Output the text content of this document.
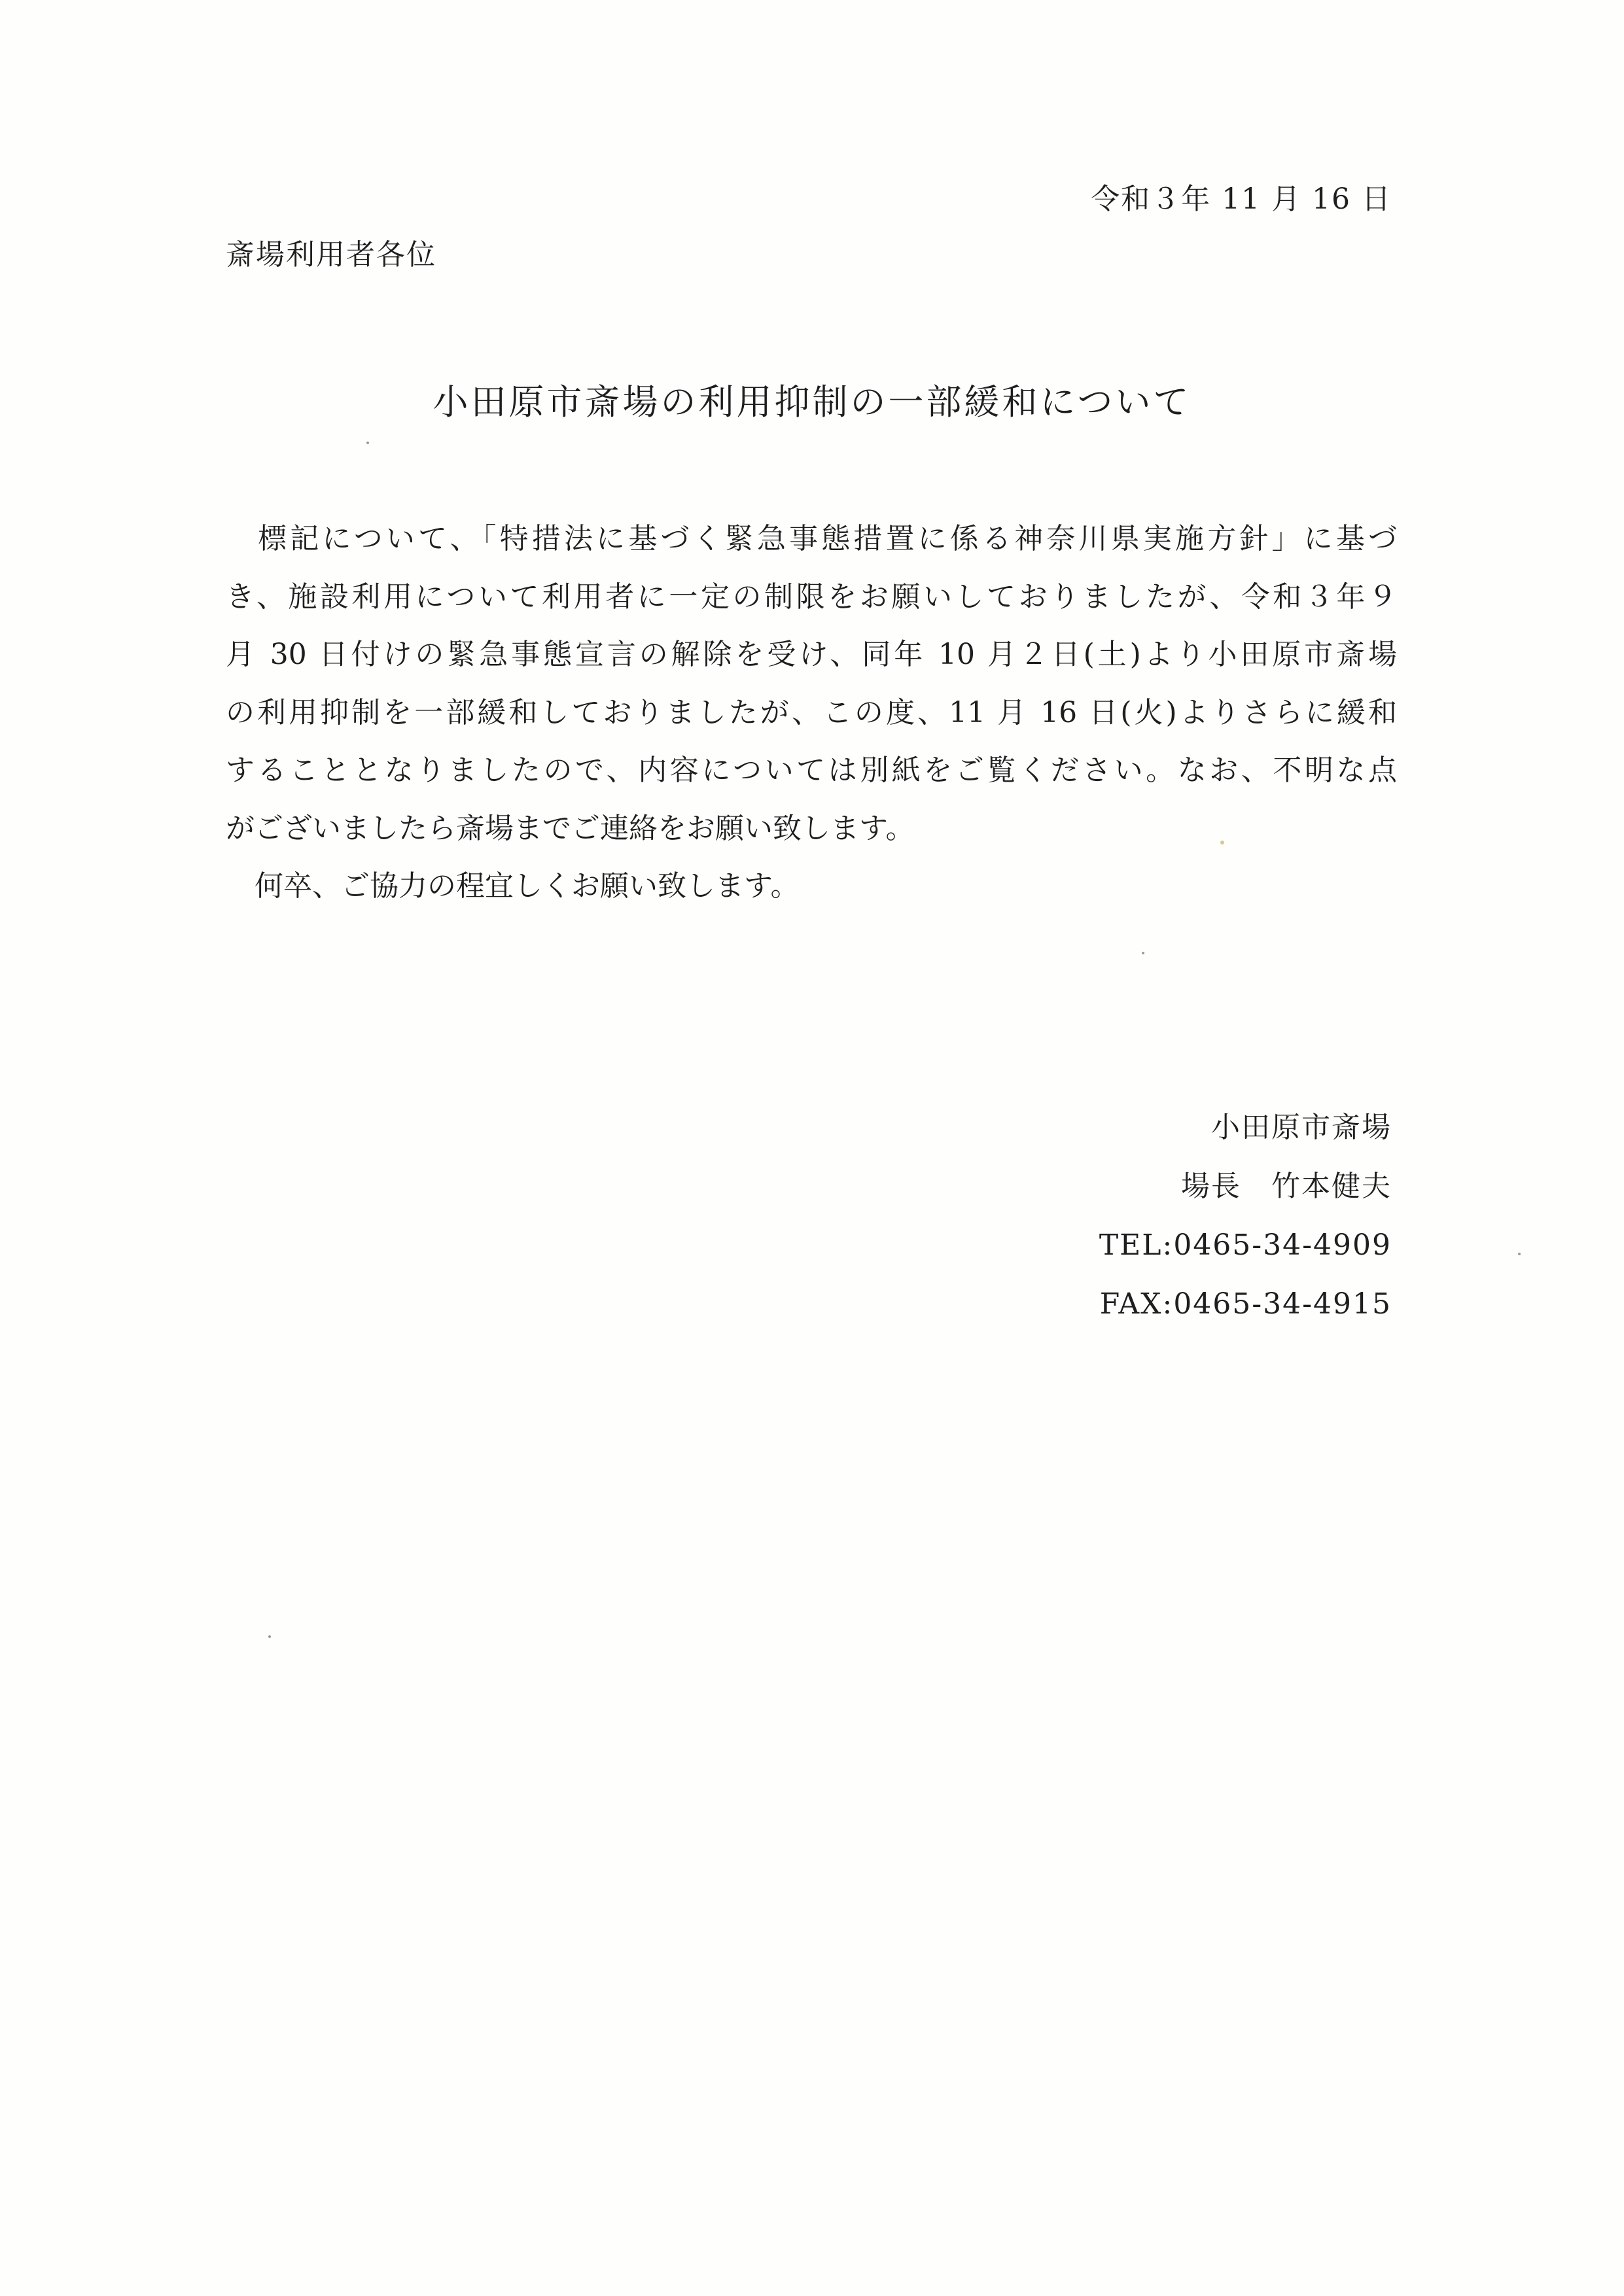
令和３年 11 月 16 日
斎場利用者各位
小田原市斎場の利用抑制の一部緩和について
　標記について、「特措法に基づく緊急事態措置に係る神奈川県実施方針」に基づ
き、施設利用について利用者に一定の制限をお願いしておりましたが、令和３年９
月 30 日付けの緊急事態宣言の解除を受け、同年 10 月２日(土)より小田原市斎場
の利用抑制を一部緩和しておりましたが、この度、11 月 16 日(火)よりさらに緩和
することとなりましたので、内容については別紙をご覧ください。なお、不明な点
がございましたら斎場までご連絡をお願い致します。
　何卒、ご協力の程宜しくお願い致します。
小田原市斎場
場長　竹本健夫
TEL:0465-34-4909
FAX:0465-34-4915
